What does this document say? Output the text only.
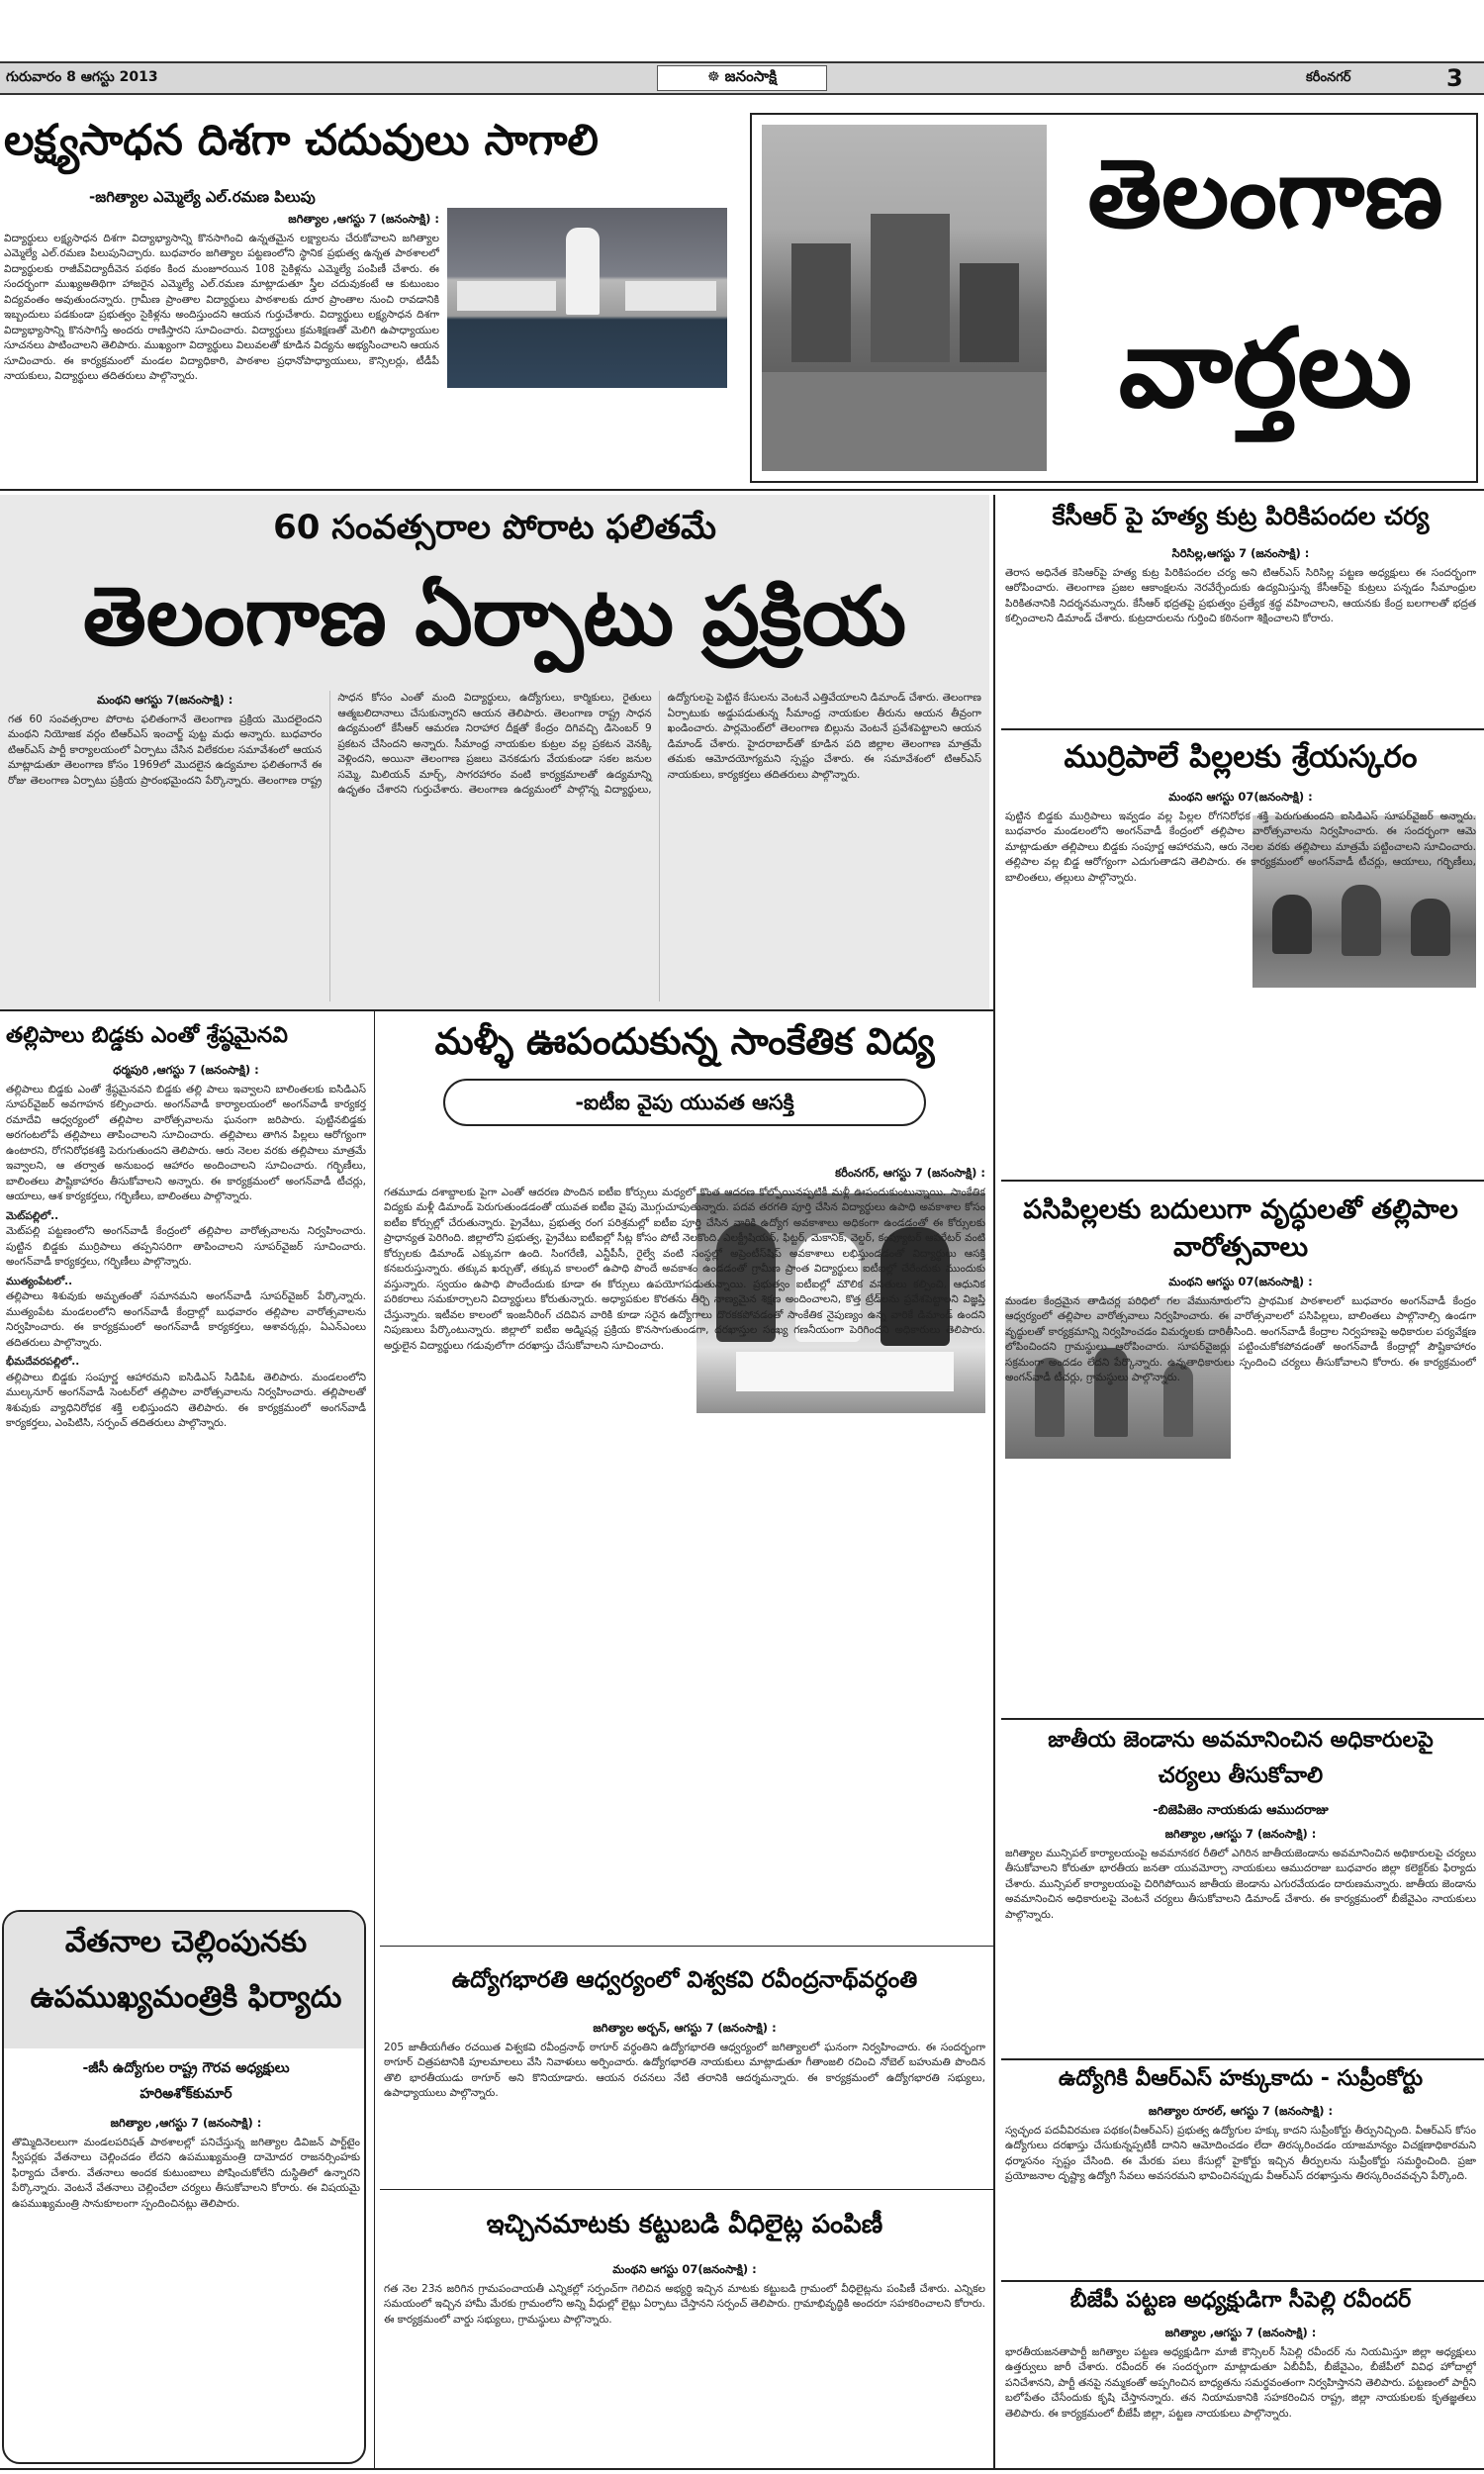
గురువారం 8 ఆగస్టు 2013	☸ జనంసాక్షి	కరీంనగర్	3
లక్ష్యసాధన దిశగా చదువులు సాగాలి
-జగిత్యాల ఎమ్మెల్యే ఎల్‌.రమణ పిలుపు
జగిత్యాల ,ఆగస్టు 7 (జనంసాక్షి) :
విద్యార్థులు లక్ష్యసాధన దిశగా విద్యాభ్యాసాన్ని కొనసాగించి ఉన్నతమైన లక్ష్యాలను చేరుకోవాలని జగిత్యాల ఎమ్మెల్యే ఎల్‌.రమణ పిలుపునిచ్చారు. బుధవారం జగిత్యాల పట్టణంలోని స్థానిక ప్రభుత్వ ఉన్నత పాఠశాలలో విద్యార్థులకు రాజీవ్‌విద్యాదీవెన పథకం కింద మంజూరయిన 108 సైకిళ్లను ఎమ్మెల్యే పంపిణీ చేశారు. ఈ సందర్భంగా ముఖ్యఅతిథిగా హాజరైన ఎమ్మెల్యే ఎల్‌.రమణ మాట్లాడుతూ స్త్రీల చదువుకంటే ఆ కుటుంబం విద్యవంతం అవుతుందన్నారు. గ్రామీణ ప్రాంతాల విద్యార్థులు పాఠశాలకు దూర ప్రాంతాల నుంచి రావడానికి ఇబ్బందులు పడకుండా ప్రభుత్వం సైకిళ్లను అందిస్తుందని ఆయన గుర్తుచేశారు. విద్యార్థులు లక్ష్యసాధన దిశగా విద్యాభ్యాసాన్ని కొనసాగిస్తే అందరు రాణిస్తారని సూచించారు. విద్యార్థులు క్రమశిక్షణతో మెలిగి ఉపాధ్యాయుల సూచనలు పాటించాలని తెలిపారు. ముఖ్యంగా విద్యార్థులు విలువలతో కూడిన విద్యను అభ్యసించాలని ఆయన సూచించారు. ఈ కార్యక్రమంలో మండల విద్యాధికారి, పాఠశాల ప్రధానోపాధ్యాయులు, కౌన్సిలర్లు, టీడీపీ నాయకులు, విద్యార్థులు తదితరులు పాల్గొన్నారు.
తెలంగాణ
వార్తలు
60 సంవత్సరాల పోరాట ఫలితమే
తెలంగాణ ఏర్పాటు ప్రక్రియ
మంథని ఆగస్టు 7(జనంసాక్షి) :
గత 60 సంవత్సరాల పోరాట ఫలితంగానే తెలంగాణ ప్రక్రియ మొదలైందని మంథని నియోజక వర్గం టిఆర్‌ఎస్‌ ఇంచార్జ్‌ పుట్ట మధు అన్నారు. బుధవారం టిఆర్‌ఎస్‌ పార్టీ కార్యాలయంలో ఏర్పాటు చేసిన విలేకరుల సమావేశంలో ఆయన మాట్లాడుతూ తెలంగాణ కోసం 1969లో మొదలైన ఉద్యమాల ఫలితంగానే ఈ రోజు తెలంగాణ ఏర్పాటు ప్రక్రియ ప్రారంభమైందని పేర్కొన్నారు. తెలంగాణ రాష్ట్ర సాధన కోసం ఎంతో మంది విద్యార్థులు, ఉద్యోగులు, కార్మికులు, రైతులు ఆత్మబలిదానాలు చేసుకున్నారని ఆయన తెలిపారు. తెలంగాణ రాష్ట్ర సాధన ఉద్యమంలో కేసీఆర్‌ ఆమరణ నిరాహార దీక్షతో కేంద్రం దిగివచ్చి డిసెంబర్‌ 9 ప్రకటన చేసిందని అన్నారు. సీమాంధ్ర నాయకుల కుట్రల వల్ల ప్రకటన వెనక్కి వెళ్లిందని, అయినా తెలంగాణ ప్రజలు వెనకడుగు వేయకుండా సకల జనుల సమ్మె, మిలియన్‌ మార్చ్‌, సాగరహారం వంటి కార్యక్రమాలతో ఉద్యమాన్ని ఉధృతం చేశారని గుర్తుచేశారు. తెలంగాణ ఉద్యమంలో పాల్గొన్న విద్యార్థులు, ఉద్యోగులపై పెట్టిన కేసులను వెంటనే ఎత్తివేయాలని డిమాండ్‌ చేశారు. తెలంగాణ ఏర్పాటుకు అడ్డుపడుతున్న సీమాంధ్ర నాయకుల తీరును ఆయన తీవ్రంగా ఖండించారు. పార్లమెంట్‌లో తెలంగాణ బిల్లును వెంటనే ప్రవేశపెట్టాలని ఆయన డిమాండ్‌ చేశారు. హైదరాబాద్‌తో కూడిన పది జిల్లాల తెలంగాణ మాత్రమే తమకు ఆమోదయోగ్యమని స్పష్టం చేశారు. ఈ సమావేశంలో టిఆర్‌ఎస్‌ నాయకులు, కార్యకర్తలు తదితరులు పాల్గొన్నారు.
కేసీఆర్‌ పై హత్య కుట్ర పిరికిపందల చర్య
సిరిసిల్ల,ఆగస్టు 7 (జనంసాక్షి) :
తెరాస అధినేత కెసిఆర్‌పై హత్య కుట్ర పిరికిపందల చర్య అని టిఆర్‌ఎస్‌ సిరిసిల్ల పట్టణ అధ్యక్షులు ఈ సందర్భంగా ఆరోపించారు. తెలంగాణ ప్రజల ఆకాంక్షలను నెరవేర్చేందుకు ఉద్యమిస్తున్న కేసీఆర్‌పై కుట్రలు పన్నడం సీమాంధ్రుల పిరికితనానికి నిదర్శనమన్నారు. కేసీఆర్‌ భద్రతపై ప్రభుత్వం ప్రత్యేక శ్రద్ధ వహించాలని, ఆయనకు కేంద్ర బలగాలతో భద్రత కల్పించాలని డిమాండ్‌ చేశారు. కుట్రదారులను గుర్తించి కఠినంగా శిక్షించాలని కోరారు.
ముర్రిపాలే పిల్లలకు శ్రేయస్కరం
మంథని ఆగస్టు 07(జనంసాక్షి) :
పుట్టిన బిడ్డకు ముర్రిపాలు ఇవ్వడం వల్ల పిల్లల రోగనిరోధక శక్తి పెరుగుతుందని ఐసిడిఎస్‌ సూపర్‌వైజర్‌ అన్నారు. బుధవారం మండలంలోని అంగన్‌వాడీ కేంద్రంలో తల్లిపాల వారోత్సవాలను నిర్వహించారు. ఈ సందర్భంగా ఆమె మాట్లాడుతూ తల్లిపాలు బిడ్డకు సంపూర్ణ ఆహారమని, ఆరు నెలల వరకు తల్లిపాలు మాత్రమే పట్టించాలని సూచించారు. తల్లిపాల వల్ల బిడ్డ ఆరోగ్యంగా ఎదుగుతాడని తెలిపారు. ఈ కార్యక్రమంలో అంగన్‌వాడీ టీచర్లు, ఆయాలు, గర్భిణీలు, బాలింతలు, తల్లులు పాల్గొన్నారు.
పసిపిల్లలకు బదులుగా వృద్ధులతో తల్లిపాల వారోత్సవాలు
మంథని ఆగస్టు 07(జనంసాక్షి) :
మండల కేంద్రమైన తాడిచర్ల పరిధిలో గల వేమునూరులోని ప్రాథమిక పాఠశాలలో బుధవారం అంగన్‌వాడీ కేంద్రం ఆధ్వర్యంలో తల్లిపాల వారోత్సవాలు నిర్వహించారు. ఈ వారోత్సవాలలో పసిపిల్లలు, బాలింతలు పాల్గొనాల్సి ఉండగా వృద్ధులతో కార్యక్రమాన్ని నిర్వహించడం విమర్శలకు దారితీసింది. అంగన్‌వాడీ కేంద్రాల నిర్వహణపై అధికారుల పర్యవేక్షణ లోపించిందని గ్రామస్థులు ఆరోపించారు. సూపర్‌వైజర్లు పట్టించుకోకపోవడంతో అంగన్‌వాడీ కేంద్రాల్లో పౌష్టికాహారం సక్రమంగా అందడం లేదని పేర్కొన్నారు. ఉన్నతాధికారులు స్పందించి చర్యలు తీసుకోవాలని కోరారు. ఈ కార్యక్రమంలో అంగన్‌వాడీ టీచర్లు, గ్రామస్థులు పాల్గొన్నారు.
జాతీయ జెండాను అవమానించిన అధికారులపై
చర్యలు తీసుకోవాలి
-బిజెపిజెం నాయకుడు ఆముదరాజు
జగిత్యాల ,ఆగస్టు 7 (జనంసాక్షి) :
జగిత్యాల మున్సిపల్‌ కార్యాలయంపై అవమానకర రీతిలో ఎగిరిన జాతీయజెండాను అవమానించిన అధికారులపై చర్యలు తీసుకోవాలని కోరుతూ భారతీయ జనతా యువమోర్చా నాయకులు ఆముదరాజు బుధవారం జిల్లా కలెక్టర్‌కు ఫిర్యాదు చేశారు. మున్సిపల్‌ కార్యాలయంపై చిరిగిపోయిన జాతీయ జెండాను ఎగురవేయడం దారుణమన్నారు. జాతీయ జెండాను అవమానించిన అధికారులపై వెంటనే చర్యలు తీసుకోవాలని డిమాండ్‌ చేశారు. ఈ కార్యక్రమంలో బీజేవైఎం నాయకులు పాల్గొన్నారు.
ఉద్యోగికి వీఆర్‌ఎస్‌ హక్కుకాదు - సుప్రీంకోర్టు
జగిత్యాల రూరల్‌, ఆగస్టు 7 (జనంసాక్షి) :
స్వచ్ఛంద పదవీవిరమణ పథకం(వీఆర్‌ఎస్‌) ప్రభుత్వ ఉద్యోగుల హక్కు కాదని సుప్రీంకోర్టు తీర్పునిచ్చింది. వీఆర్‌ఎస్‌ కోసం ఉద్యోగులు దరఖాస్తు చేసుకున్నప్పటికీ దానిని ఆమోదించడం లేదా తిరస్కరించడం యాజమాన్యం విచక్షణాధికారమని ధర్మాసనం స్పష్టం చేసింది. ఈ మేరకు పలు కేసుల్లో హైకోర్టు ఇచ్చిన తీర్పులను సుప్రీంకోర్టు సమర్థించింది. ప్రజా ప్రయోజనాల దృష్ట్యా ఉద్యోగి సేవలు అవసరమని భావించినప్పుడు వీఆర్‌ఎస్‌ దరఖాస్తును తిరస్కరించవచ్చని పేర్కొంది.
బీజేపీ పట్టణ అధ్యక్షుడిగా సీపెల్లి రవీందర్‌
జగిత్యాల ,ఆగస్టు 7 (జనంసాక్షి) :
భారతీయజనతాపార్టీ జగిత్యాల పట్టణ అధ్యక్షుడిగా మాజీ కౌన్సిలర్‌ సీపెల్లి రవీందర్‌ ను నియమిస్తూ జిల్లా అధ్యక్షులు ఉత్తర్వులు జారీ చేశారు. రవీందర్‌ ఈ సందర్భంగా మాట్లాడుతూ ఏబీవీపీ, బీజేవైఎం, బీజేపీలో వివిధ హోదాల్లో పనిచేశానని, పార్టీ తనపై నమ్మకంతో అప్పగించిన బాధ్యతను సమర్థవంతంగా నిర్వహిస్తానని తెలిపారు. పట్టణంలో పార్టీని బలోపేతం చేసేందుకు కృషి చేస్తానన్నారు. తన నియామకానికి సహకరించిన రాష్ట్ర, జిల్లా నాయకులకు కృతజ్ఞతలు తెలిపారు. ఈ కార్యక్రమంలో బీజేపీ జిల్లా, పట్టణ నాయకులు పాల్గొన్నారు.
తల్లిపాలు బిడ్డకు ఎంతో శ్రేష్ఠమైనవి
ధర్మపురి ,ఆగస్టు 7 (జనంసాక్షి) :
తల్లిపాలు బిడ్డకు ఎంతో శ్రేష్ఠమైనవని బిడ్డకు తల్లి పాలు ఇవ్వాలని బాలింతలకు ఐసిడిఎస్‌ సూపర్‌వైజర్‌ అవగాహన కల్పించారు. అంగన్‌వాడీ కార్యాలయంలో అంగన్‌వాడీ కార్యకర్త రమాదేవి ఆధ్వర్యంలో తల్లిపాల వారోత్సవాలను ఘనంగా జరిపారు. పుట్టినబిడ్డకు అరగంటలోపే తల్లిపాలు తాపించాలని సూచించారు. తల్లిపాలు తాగిన పిల్లలు ఆరోగ్యంగా ఉంటారని, రోగనిరోధకశక్తి పెరుగుతుందని తెలిపారు. ఆరు నెలల వరకు తల్లిపాలు మాత్రమే ఇవ్వాలని, ఆ తర్వాత అనుబంధ ఆహారం అందించాలని సూచించారు. గర్భిణీలు, బాలింతలు పౌష్టికాహారం తీసుకోవాలని అన్నారు. ఈ కార్యక్రమంలో అంగన్‌వాడీ టీచర్లు, ఆయాలు, ఆశ కార్యకర్తలు, గర్భిణీలు, బాలింతలు పాల్గొన్నారు.
మెట్‌పల్లిలో..
మెట్‌పల్లి పట్టణంలోని అంగన్‌వాడీ కేంద్రంలో తల్లిపాల వారోత్సవాలను నిర్వహించారు. పుట్టిన బిడ్డకు ముర్రిపాలు తప్పనిసరిగా తాపించాలని సూపర్‌వైజర్‌ సూచించారు. అంగన్‌వాడీ కార్యకర్తలు, గర్భిణీలు పాల్గొన్నారు.
ముత్యంపేటలో..
తల్లిపాలు శిశువుకు అమృతంతో సమానమని అంగన్‌వాడీ సూపర్‌వైజర్‌ పేర్కొన్నారు. ముత్యంపేట మండలంలోని అంగన్‌వాడీ కేంద్రాల్లో బుధవారం తల్లిపాల వారోత్సవాలను నిర్వహించారు. ఈ కార్యక్రమంలో అంగన్‌వాడీ కార్యకర్తలు, ఆశావర్కర్లు, ఏఎన్‌ఎంలు తదితరులు పాల్గొన్నారు.
భీమదేవరపల్లిలో..
తల్లిపాలు బిడ్డకు సంపూర్ణ ఆహారమని ఐసిడిఎస్‌ సిడిపిఓ తెలిపారు. మండలంలోని ముల్కనూర్‌ అంగన్‌వాడీ సెంటర్‌లో తల్లిపాల వారోత్సవాలను నిర్వహించారు. తల్లిపాలతో శిశువుకు వ్యాధినిరోధక శక్తి లభిస్తుందని తెలిపారు. ఈ కార్యక్రమంలో అంగన్‌వాడీ కార్యకర్తలు, ఎంపిటిసి, సర్పంచ్‌ తదితరులు పాల్గొన్నారు.
మళ్ళీ ఊపందుకున్న సాంకేతిక విద్య
-ఐటీఐ వైపు యువత ఆసక్తి
కరీంనగర్‌, ఆగస్టు 7 (జనంసాక్షి) :
గతమూడు దశాబ్దాలకు పైగా ఎంతో ఆదరణ పొందిన ఐటీఐ కోర్సులు మధ్యలో కొంత ఆదరణ కోల్పోయినప్పటికీ మళ్లీ ఊపందుకుంటున్నాయి. సాంకేతిక విద్యకు మళ్లీ డిమాండ్‌ పెరుగుతుండడంతో యువత ఐటీఐ వైపు మొగ్గుచూపుతున్నారు. పదవ తరగతి పూర్తి చేసిన విద్యార్థులు ఉపాధి అవకాశాల కోసం ఐటీఐ కోర్సుల్లో చేరుతున్నారు. ప్రైవేటు, ప్రభుత్వ రంగ పరిశ్రమల్లో ఐటీఐ పూర్తి చేసిన వారికి ఉద్యోగ అవకాశాలు అధికంగా ఉండడంతో ఈ కోర్సులకు ప్రాధాన్యత పెరిగింది. జిల్లాలోని ప్రభుత్వ, ప్రైవేటు ఐటీఐల్లో సీట్ల కోసం పోటీ నెలకొంది. ఎలక్ట్రీషియన్‌, ఫిట్టర్‌, మెకానిక్‌, వెల్డర్‌, కంప్యూటర్‌ ఆపరేటర్‌ వంటి కోర్సులకు డిమాండ్‌ ఎక్కువగా ఉంది. సింగరేణి, ఎన్టీపీసీ, రైల్వే వంటి సంస్థల్లో అప్రెంటీస్‌షిప్‌ అవకాశాలు లభిస్తుండడంతో విద్యార్థులు ఆసక్తి కనబరుస్తున్నారు. తక్కువ ఖర్చుతో, తక్కువ కాలంలో ఉపాధి పొందే అవకాశం ఉండడంతో గ్రామీణ ప్రాంత విద్యార్థులు ఐటీఐల్లో చేరేందుకు ముందుకు వస్తున్నారు. స్వయం ఉపాధి పొందేందుకు కూడా ఈ కోర్సులు ఉపయోగపడుతున్నాయి. ప్రభుత్వం ఐటీఐల్లో మౌలిక వసతులు కల్పించి, ఆధునిక పరికరాలు సమకూర్చాలని విద్యార్థులు కోరుతున్నారు. అధ్యాపకుల కొరతను తీర్చి నాణ్యమైన శిక్షణ అందించాలని, కొత్త ట్రేడ్‌లను ప్రవేశపెట్టాలని విజ్ఞప్తి చేస్తున్నారు. ఇటీవల కాలంలో ఇంజనీరింగ్‌ చదివిన వారికి కూడా సరైన ఉద్యోగాలు దొరకకపోవడంతో సాంకేతిక నైపుణ్యం ఉన్న వారికే డిమాండ్‌ ఉందని నిపుణులు పేర్కొంటున్నారు. జిల్లాలో ఐటీఐ అడ్మిషన్ల ప్రక్రియ కొనసాగుతుండగా, దరఖాస్తుల సంఖ్య గణనీయంగా పెరిగిందని అధికారులు తెలిపారు. అర్హులైన విద్యార్థులు గడువులోగా దరఖాస్తు చేసుకోవాలని సూచించారు.
వేతనాల చెల్లింపునకు
ఉపముఖ్యమంత్రికి ఫిర్యాదు
-జీసీ ఉద్యోగుల రాష్ట్ర గౌరవ అధ్యక్షులు
హరిఅశోక్‌కుమార్‌
జగిత్యాల ,ఆగస్టు 7 (జనంసాక్షి) :
తొమ్మిదినెలలుగా మండలపరిషత్‌ పాఠశాలల్లో పనిచేస్తున్న జగిత్యాల డివిజన్‌ పార్ట్‌టైం స్వీపర్లకు వేతనాలు చెల్లించడం లేదని ఉపముఖ్యమంత్రి దామోదర రాజనర్సింహకు ఫిర్యాదు చేశారు. వేతనాలు అందక కుటుంబాలు పోషించుకోలేని దుస్థితిలో ఉన్నారని పేర్కొన్నారు. వెంటనే వేతనాలు చెల్లించేలా చర్యలు తీసుకోవాలని కోరారు. ఈ విషయమై ఉపముఖ్యమంత్రి సానుకూలంగా స్పందించినట్లు తెలిపారు.
ఉద్యోగభారతి ఆధ్వర్యంలో విశ్వకవి రవీంద్రనాథ్‌వర్ధంతి
జగిత్యాల అర్బన్‌, ఆగస్టు 7 (జనంసాక్షి) :
205 జాతీయగీతం రచయిత విశ్వకవి రవీంద్రనాథ్‌ ఠాగూర్‌ వర్ధంతిని ఉద్యోగభారతి ఆధ్వర్యంలో జగిత్యాలలో ఘనంగా నిర్వహించారు. ఈ సందర్భంగా ఠాగూర్‌ చిత్రపటానికి పూలమాలలు వేసి నివాళులు అర్పించారు. ఉద్యోగభారతి నాయకులు మాట్లాడుతూ గీతాంజలి రచించి నోబెల్‌ బహుమతి పొందిన తొలి భారతీయుడు ఠాగూర్‌ అని కొనియాడారు. ఆయన రచనలు నేటి తరానికి ఆదర్శమన్నారు. ఈ కార్యక్రమంలో ఉద్యోగభారతి సభ్యులు, ఉపాధ్యాయులు పాల్గొన్నారు.
ఇచ్చినమాటకు కట్టుబడి వీధిలైట్ల పంపిణీ
మంథని ఆగస్టు 07(జనంసాక్షి) :
గత నెల 23న జరిగిన గ్రామపంచాయతీ ఎన్నికల్లో సర్పంచ్‌గా గెలిచిన అభ్యర్థి ఇచ్చిన మాటకు కట్టుబడి గ్రామంలో వీధిలైట్లను పంపిణీ చేశారు. ఎన్నికల సమయంలో ఇచ్చిన హామీ మేరకు గ్రామంలోని అన్ని వీధుల్లో లైట్లు ఏర్పాటు చేస్తానని సర్పంచ్‌ తెలిపారు. గ్రామాభివృద్ధికి అందరూ సహకరించాలని కోరారు. ఈ కార్యక్రమంలో వార్డు సభ్యులు, గ్రామస్థులు పాల్గొన్నారు.
